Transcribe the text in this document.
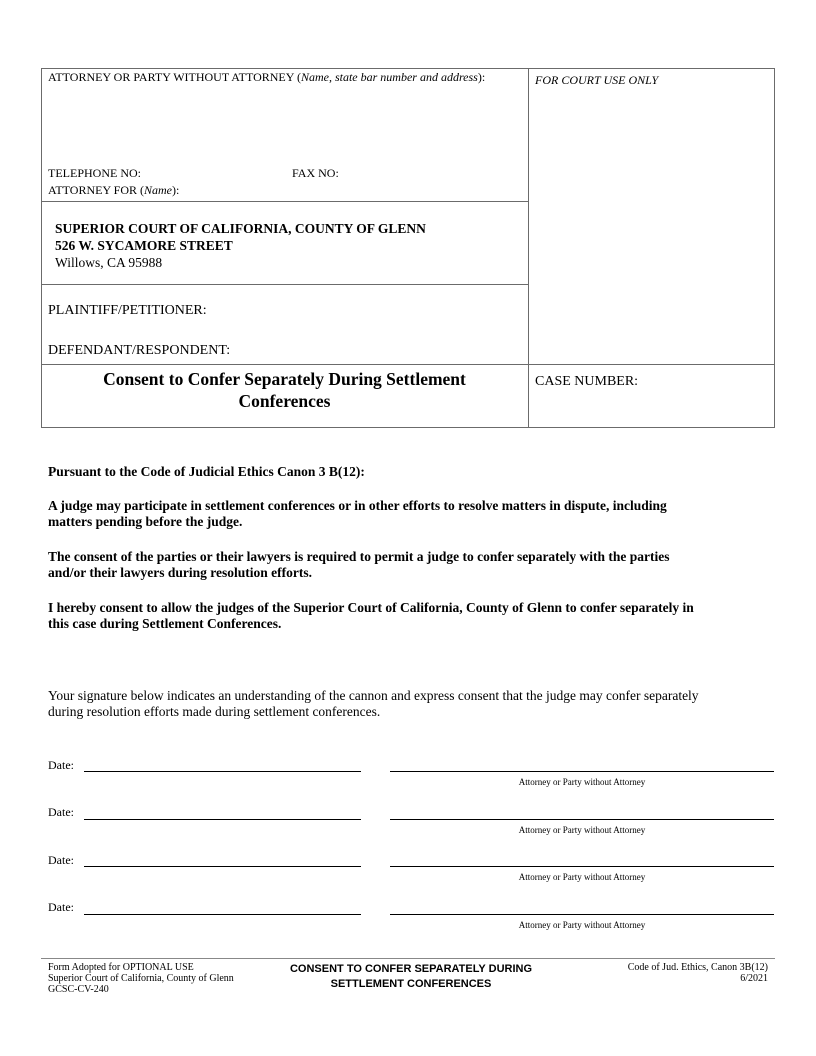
ATTORNEY OR PARTY WITHOUT ATTORNEY (Name, state bar number and address):
TELEPHONE NO:	FAX NO:
ATTORNEY FOR (Name):
FOR COURT USE ONLY
SUPERIOR COURT OF CALIFORNIA, COUNTY OF GLENN
526 W. SYCAMORE STREET
Willows, CA 95988
PLAINTIFF/PETITIONER:
DEFENDANT/RESPONDENT:
Consent to Confer Separately During Settlement
Conferences
CASE NUMBER:
Pursuant to the Code of Judicial Ethics Canon 3 B(12):
A judge may participate in settlement conferences or in other efforts to resolve matters in dispute, including
matters pending before the judge.
The consent of the parties or their lawyers is required to permit a judge to confer separately with the parties
and/or their lawyers during resolution efforts.
I hereby consent to allow the judges of the Superior Court of California, County of Glenn to confer separately in
this case during Settlement Conferences.
Your signature below indicates an understanding of the cannon and express consent that the judge may confer separately
during resolution efforts made during settlement conferences.
Date:
Attorney or Party without Attorney
Date:
Attorney or Party without Attorney
Date:
Attorney or Party without Attorney
Date:
Attorney or Party without Attorney
Form Adopted for OPTIONAL USE
Superior Court of California, County of Glenn
GCSC-CV-240
CONSENT TO CONFER SEPARATELY DURING
SETTLEMENT CONFERENCES
Code of Jud. Ethics, Canon 3B(12)
6/2021
